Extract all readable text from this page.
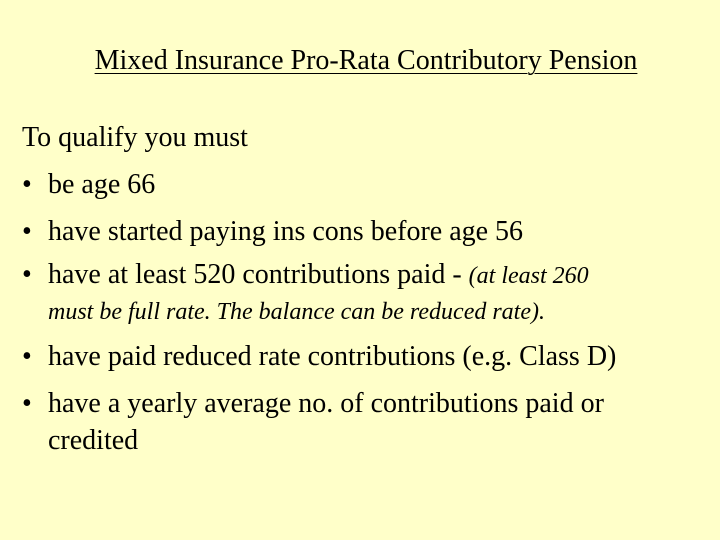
Mixed Insurance Pro-Rata Contributory Pension
To qualify you must
• be age 66
• have started paying ins cons before age 56
• have at least 520 contributions paid - (at least 260
must be full rate. The balance can be reduced rate).
• have paid reduced rate contributions (e.g. Class D)
• have a yearly average no. of contributions paid or
credited
